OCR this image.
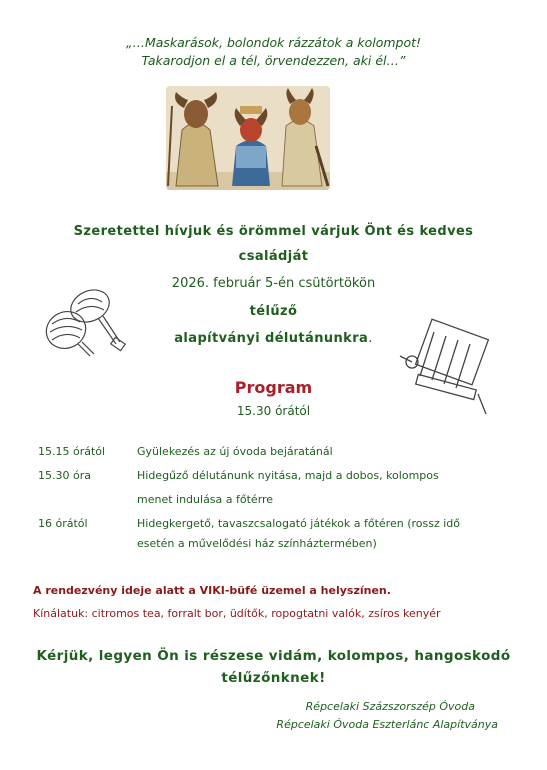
„…Maskarások, bolondok rázzátok a kolompot!
Takarodjon el a tél, örvendezzen, aki él…”
Szeretettel hívjuk és örömmel várjuk Önt és kedves
családját
2026. február 5-én csütörtökön
télűző
alapítványi délutánunkra.
Program
15.30 órától
15.15 órától	Gyülekezés az új óvoda bejáratánál
15.30 óra	Hidegűző délutánunk nyitása, majd a dobos, kolompos
menet indulása a főtérre
16 órától	Hidegkergető, tavaszcsalogató játékok a főtéren (rossz idő
esetén a művelődési ház színháztermében)
A rendezvény ideje alatt a VIKI-büfé üzemel a helyszínen.
Kínálatuk: citromos tea, forralt bor, üdítők, ropogtatni valók, zsíros kenyér
Kérjük, legyen Ön is részese vidám, kolompos, hangoskodó
télűzőnknek!
Répcelaki Százszorszép Óvoda
Répcelaki Óvoda Eszterlánc Alapítványa
